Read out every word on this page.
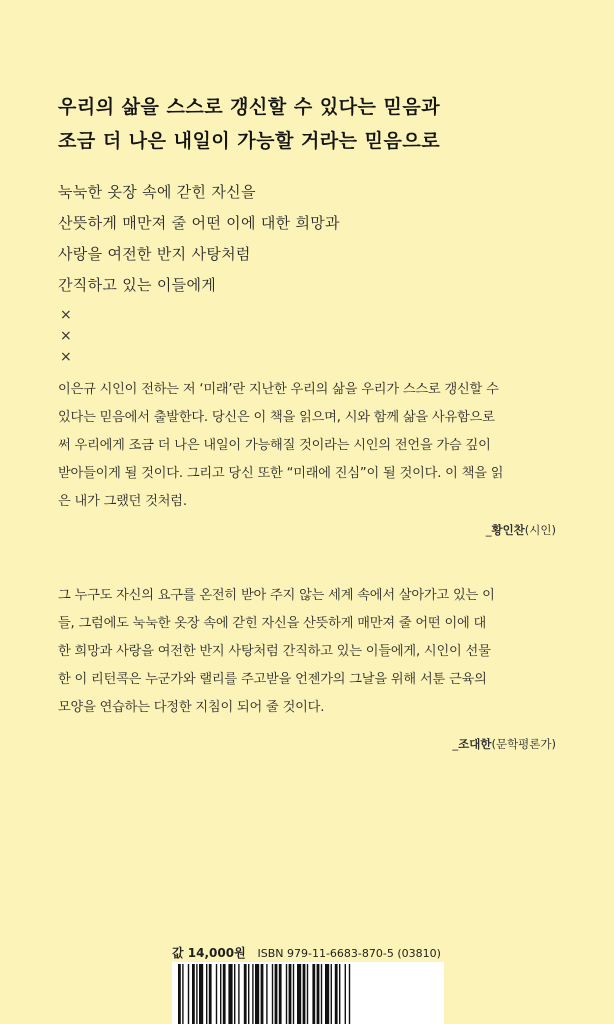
우리의 삶을 스스로 갱신할 수 있다는 믿음과
조금 더 나은 내일이 가능할 거라는 믿음으로
눅눅한 옷장 속에 갇힌 자신을
산뜻하게 매만져 줄 어떤 이에 대한 희망과
사랑을 여전한 반지 사탕처럼
간직하고 있는 이들에게
×
×
×
이은규 시인이 전하는 저 ‘미래’란 지난한 우리의 삶을 우리가 스스로 갱신할 수
있다는 믿음에서 출발한다. 당신은 이 책을 읽으며, 시와 함께 삶을 사유함으로
써 우리에게 조금 더 나은 내일이 가능해질 것이라는 시인의 전언을 가슴 깊이
받아들이게 될 것이다. 그리고 당신 또한 “미래에 진심”이 될 것이다. 이 책을 읽
은 내가 그랬던 것처럼.
_황인찬(시인)
그 누구도 자신의 요구를 온전히 받아 주지 않는 세계 속에서 살아가고 있는 이
들, 그럼에도 눅눅한 옷장 속에 갇힌 자신을 산뜻하게 매만져 줄 어떤 이에 대
한 희망과 사랑을 여전한 반지 사탕처럼 간직하고 있는 이들에게, 시인이 선물
한 이 리턴콕은 누군가와 랠리를 주고받을 언젠가의 그날을 위해 서툰 근육의
모양을 연습하는 다정한 지침이 되어 줄 것이다.
_조대한(문학평론가)
값 14,000원 ISBN 979-11-6683-870-5 (03810)
